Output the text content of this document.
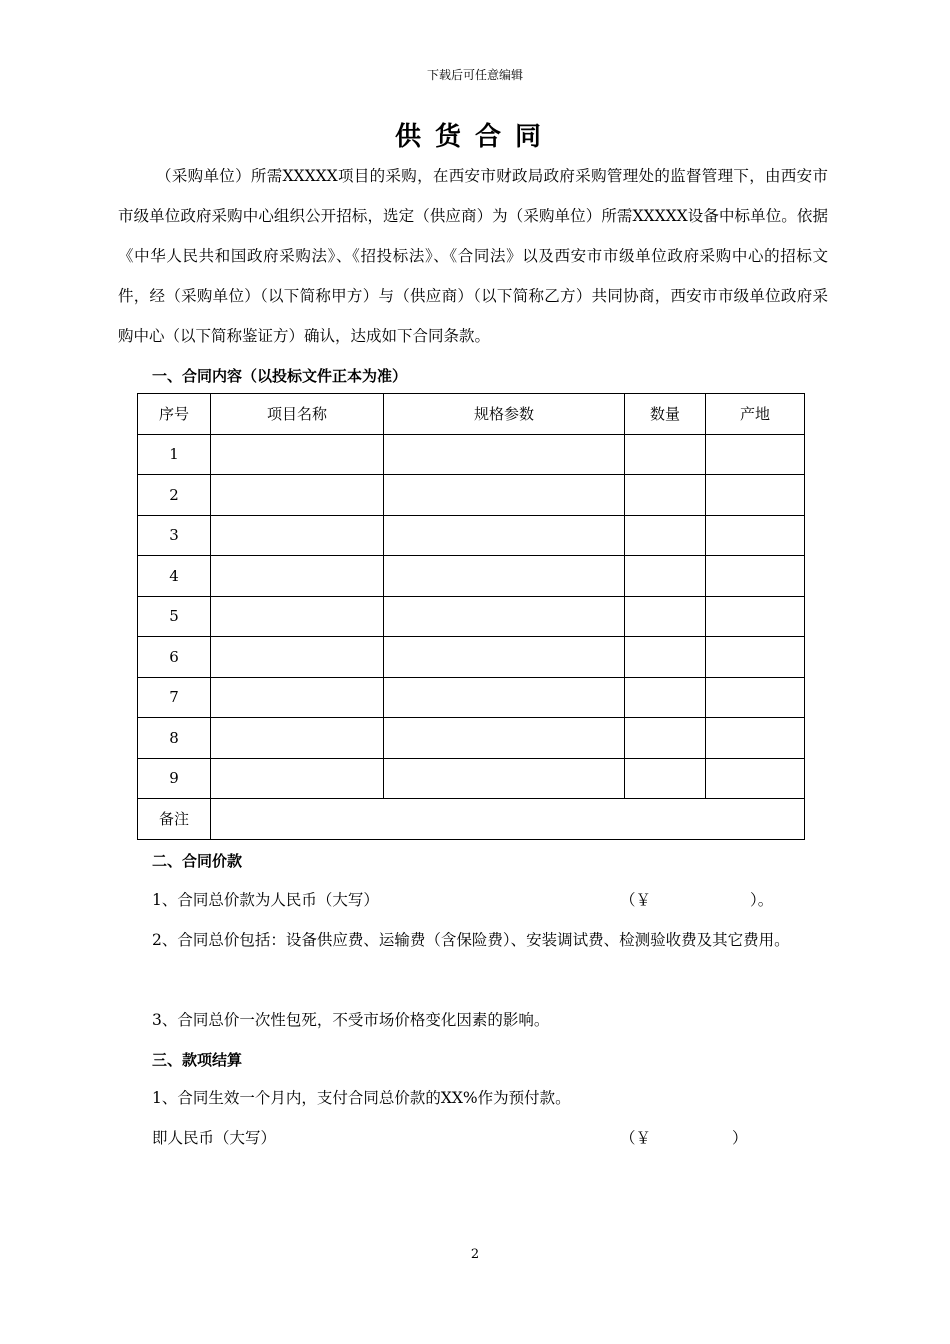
下载后可任意编辑
供货合同

（采购单位）所需XXXXX项目的采购，在西安市财政局政府采购管理处的监督管理下，由西安市市级单位政府采购中心组织公开招标，选定（供应商）为（采购单位）所需XXXXX设备中标单位。依据《中华人民共和国政府采购法》、《招投标法》、《合同法》以及西安市市级单位政府采购中心的招标文件，经（采购单位）（以下简称甲方）与（供应商）（以下简称乙方）共同协商，西安市市级单位政府采购中心（以下简称鉴证方）确认，达成如下合同条款。

一、合同内容（以投标文件正本为准）
序号	项目名称	规格参数	数量	产地
1				
2				
3				
4				
5				
6				
7				
8				
9				
备注				
二、合同价款
1、合同总价款为人民币（大写）	（￥	）。

2、合同总价包括：设备供应费、运输费（含保险费）、安装调试费、检测验收费及其它费用。

3、合同总价一次性包死，不受市场价格变化因素的影响。

三、款项结算

1、合同生效一个月内，支付合同总价款的XX%作为预付款。

即人民币（大写）	（￥	）
2
